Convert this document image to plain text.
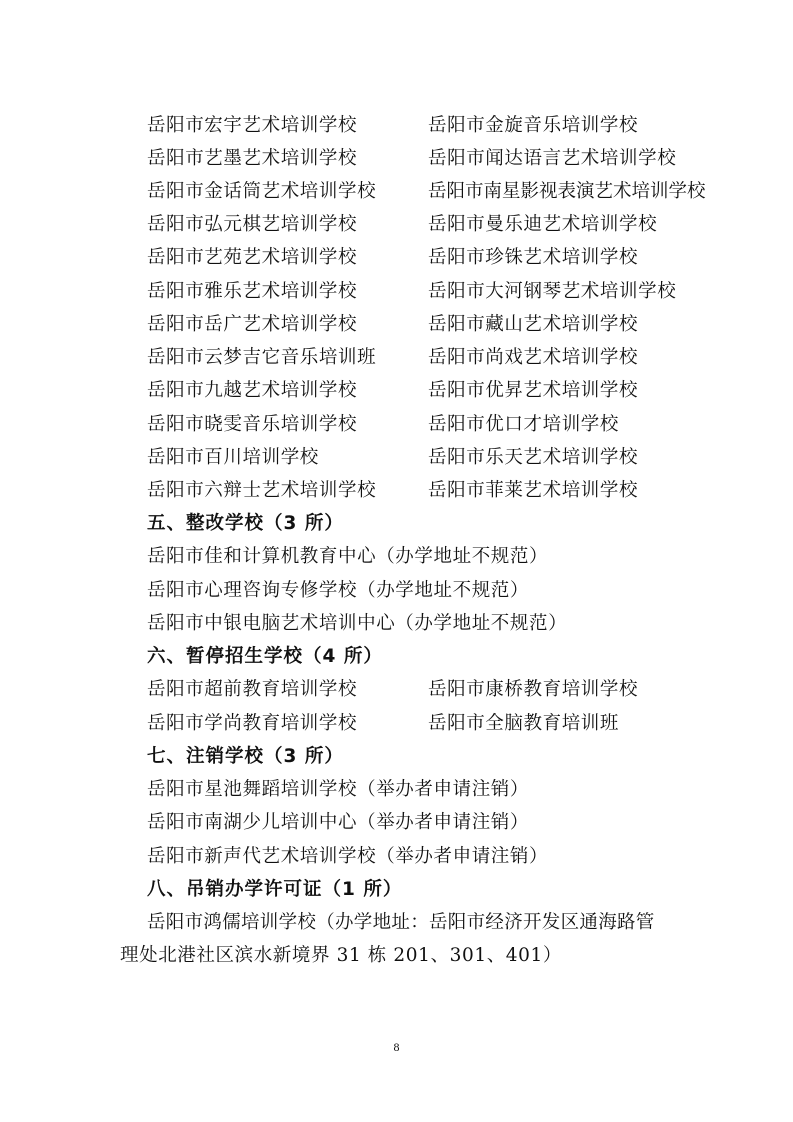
岳阳市宏宇艺术培训学校	岳阳市金旋音乐培训学校
岳阳市艺墨艺术培训学校	岳阳市闻达语言艺术培训学校
岳阳市金话筒艺术培训学校	岳阳市南星影视表演艺术培训学校
岳阳市弘元棋艺培训学校	岳阳市曼乐迪艺术培训学校
岳阳市艺苑艺术培训学校	岳阳市珍铢艺术培训学校
岳阳市雅乐艺术培训学校	岳阳市大河钢琴艺术培训学校
岳阳市岳广艺术培训学校	岳阳市藏山艺术培训学校
岳阳市云梦吉它音乐培训班	岳阳市尚戏艺术培训学校
岳阳市九越艺术培训学校	岳阳市优昇艺术培训学校
岳阳市晓雯音乐培训学校	岳阳市优口才培训学校
岳阳市百川培训学校	岳阳市乐天艺术培训学校
岳阳市六辩士艺术培训学校	岳阳市菲莱艺术培训学校
五、整改学校（3 所）
岳阳市佳和计算机教育中心（办学地址不规范）
岳阳市心理咨询专修学校（办学地址不规范）
岳阳市中银电脑艺术培训中心（办学地址不规范）
六、暂停招生学校（4 所）
岳阳市超前教育培训学校	岳阳市康桥教育培训学校
岳阳市学尚教育培训学校	岳阳市全脑教育培训班
七、注销学校（3 所）
岳阳市星池舞蹈培训学校（举办者申请注销）
岳阳市南湖少儿培训中心（举办者申请注销）
岳阳市新声代艺术培训学校（举办者申请注销）
八、吊销办学许可证（1 所）
岳阳市鸿儒培训学校（办学地址：岳阳市经济开发区通海路管
理处北港社区滨水新境界 31 栋 201、301、401）
8
